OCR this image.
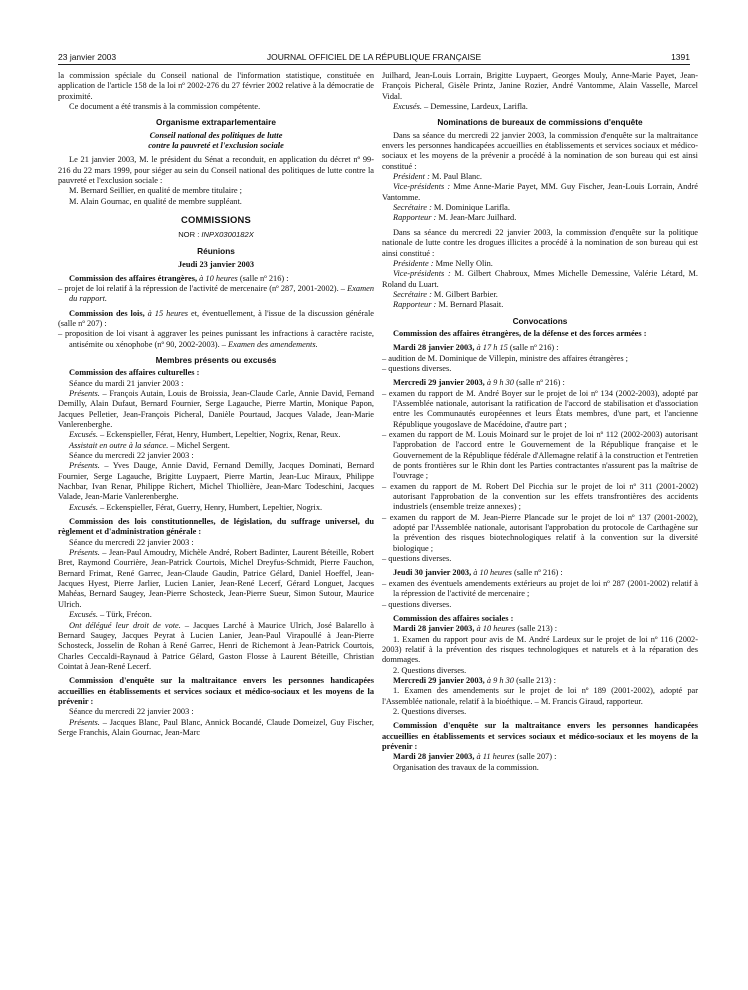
23 janvier 2003	JOURNAL OFFICIEL DE LA RÉPUBLIQUE FRANÇAISE	1391

la commission spéciale du Conseil national de l'information statistique, constituée en application de l'article 158 de la loi nº 2002-276 du 27 février 2002 relative à la démocratie de proximité.

Ce document a été transmis à la commission compétente.

Organisme extraparlementaire

Conseil national des politiques de lutte

contre la pauvreté et l'exclusion sociale

Le 21 janvier 2003, M. le président du Sénat a reconduit, en application du décret nº 99-216 du 22 mars 1999, pour siéger au sein du Conseil national des politiques de lutte contre la pauvreté et l'exclusion sociale :

M. Bernard Seillier, en qualité de membre titulaire ;

M. Alain Gournac, en qualité de membre suppléant.

COMMISSIONS

NOR : INPX0300182X

Réunions

Jeudi 23 janvier 2003

Commission des affaires étrangères, à 10 heures (salle nº 216) :

– projet de loi relatif à la répression de l'activité de mercenaire (nº 287, 2001-2002). – Examen du rapport.

Commission des lois, à 15 heures et, éventuellement, à l'issue de la discussion générale (salle nº 207) :

– proposition de loi visant à aggraver les peines punissant les infractions à caractère raciste, antisémite ou xénophobe (nº 90, 2002-2003). – Examen des amendements.

Membres présents ou excusés

Commission des affaires culturelles :

Séance du mardi 21 janvier 2003 :

Présents. – François Autain, Louis de Broissia, Jean-Claude Carle, Annie David, Fernand Demilly, Alain Dufaut, Bernard Fournier, Serge Lagauche, Pierre Martin, Monique Papon, Jacques Pelletier, Jean-François Picheral, Danièle Pourtaud, Jacques Valade, Jean-Marie Vanlerenberghe.

Excusés. – Eckenspieller, Férat, Henry, Humbert, Lepeltier, Nogrix, Renar, Reux.

Assistait en outre à la séance. – Michel Sergent.

Séance du mercredi 22 janvier 2003 :

Présents. – Yves Dauge, Annie David, Fernand Demilly, Jacques Dominati, Bernard Fournier, Serge Lagauche, Brigitte Luypaert, Pierre Martin, Jean-Luc Miraux, Philippe Nachbar, Ivan Renar, Philippe Richert, Michel Thiollière, Jean-Marc Todeschini, Jacques Valade, Jean-Marie Vanlerenberghe.

Excusés. – Eckenspieller, Férat, Guerry, Henry, Humbert, Lepeltier, Nogrix.

Commission des lois constitutionnelles, de législation, du suffrage universel, du règlement et d'administration générale :

Séance du mercredi 22 janvier 2003 :

Présents. – Jean-Paul Amoudry, Michèle André, Robert Badinter, Laurent Béteille, Robert Bret, Raymond Courrière, Jean-Patrick Courtois, Michel Dreyfus-Schmidt, Pierre Fauchon, Bernard Frimat, René Garrec, Jean-Claude Gaudin, Patrice Gélard, Daniel Hoeffel, Jean-Jacques Hyest, Pierre Jarlier, Lucien Lanier, Jean-René Lecerf, Gérard Longuet, Jacques Mahéas, Bernard Saugey, Jean-Pierre Schosteck, Jean-Pierre Sueur, Simon Sutour, Maurice Ulrich.

Excusés. – Türk, Frécon.

Ont délégué leur droit de vote. – Jacques Larché à Maurice Ulrich, José Balarello à Bernard Saugey, Jacques Peyrat à Lucien Lanier, Jean-Paul Virapoullé à Jean-Pierre Schosteck, Josselin de Rohan à René Garrec, Henri de Richemont à Jean-Patrick Courtois, Charles Ceccaldi-Raynaud à Patrice Gélard, Gaston Flosse à Laurent Béteille, Christian Cointat à Jean-René Lecerf.

Commission d'enquête sur la maltraitance envers les personnes handicapées accueillies en établissements et services sociaux et médico-sociaux et les moyens de la prévenir :

Séance du mercredi 22 janvier 2003 :

Présents. – Jacques Blanc, Paul Blanc, Annick Bocandé, Claude Domeizel, Guy Fischer, Serge Franchis, Alain Gournac, Jean-Marc

Juilhard, Jean-Louis Lorrain, Brigitte Luypaert, Georges Mouly, Anne-Marie Payet, Jean-François Picheral, Gisèle Printz, Janine Rozier, André Vantomme, Alain Vasselle, Marcel Vidal.

Excusés. – Demessine, Lardeux, Larifla.

Nominations de bureaux de commissions d'enquête

Dans sa séance du mercredi 22 janvier 2003, la commission d'enquête sur la maltraitance envers les personnes handicapées accueillies en établissements et services sociaux et médico-sociaux et les moyens de la prévenir a procédé à la nomination de son bureau qui est ainsi constitué :

Président : M. Paul Blanc.

Vice-présidents : Mme Anne-Marie Payet, MM. Guy Fischer, Jean-Louis Lorrain, André Vantomme.

Secrétaire : M. Dominique Larifla.

Rapporteur : M. Jean-Marc Juilhard.

Dans sa séance du mercredi 22 janvier 2003, la commission d'enquête sur la politique nationale de lutte contre les drogues illicites a procédé à la nomination de son bureau qui est ainsi constitué :

Présidente : Mme Nelly Olin.

Vice-présidents : M. Gilbert Chabroux, Mmes Michelle Demessine, Valérie Létard, M. Roland du Luart.

Secrétaire : M. Gilbert Barbier.

Rapporteur : M. Bernard Plasait.

Convocations

Commission des affaires étrangères, de la défense et des forces armées :

Mardi 28 janvier 2003, à 17 h 15 (salle nº 216) :

– audition de M. Dominique de Villepin, ministre des affaires étrangères ;

– questions diverses.

Mercredi 29 janvier 2003, à 9 h 30 (salle nº 216) :

– examen du rapport de M. André Boyer sur le projet de loi nº 134 (2002-2003), adopté par l'Assemblée nationale, autorisant la ratification de l'accord de stabilisation et d'association entre les Communautés européennes et leurs États membres, d'une part, et l'ancienne République yougoslave de Macédoine, d'autre part ;

– examen du rapport de M. Louis Moinard sur le projet de loi nº 112 (2002-2003) autorisant l'approbation de l'accord entre le Gouvernement de la République française et le Gouvernement de la République fédérale d'Allemagne relatif à la construction et l'entretien de ponts frontières sur le Rhin dont les Parties contractantes n'assurent pas la maîtrise de l'ouvrage ;

– examen du rapport de M. Robert Del Picchia sur le projet de loi nº 311 (2001-2002) autorisant l'approbation de la convention sur les effets transfrontières des accidents industriels (ensemble treize annexes) ;

– examen du rapport de M. Jean-Pierre Plancade sur le projet de loi nº 137 (2001-2002), adopté par l'Assemblée nationale, autorisant l'approbation du protocole de Carthagène sur la prévention des risques biotechnologiques relatif à la convention sur la diversité biologique ;

– questions diverses.

Jeudi 30 janvier 2003, à 10 heures (salle nº 216) :

– examen des éventuels amendements extérieurs au projet de loi nº 287 (2001-2002) relatif à la répression de l'activité de mercenaire ;

– questions diverses.

Commission des affaires sociales :

Mardi 28 janvier 2003, à 10 heures (salle 213) :

1. Examen du rapport pour avis de M. André Lardeux sur le projet de loi nº 116 (2002-2003) relatif à la prévention des risques technologiques et naturels et à la réparation des dommages.

2. Questions diverses.

Mercredi 29 janvier 2003, à 9 h 30 (salle 213) :

1. Examen des amendements sur le projet de loi nº 189 (2001-2002), adopté par l'Assemblée nationale, relatif à la bioéthique. – M. Francis Giraud, rapporteur.

2. Questions diverses.

Commission d'enquête sur la maltraitance envers les personnes handicapées accueillies en établissements et services sociaux et médico-sociaux et les moyens de la prévenir :

Mardi 28 janvier 2003, à 11 heures (salle 207) :

Organisation des travaux de la commission.
